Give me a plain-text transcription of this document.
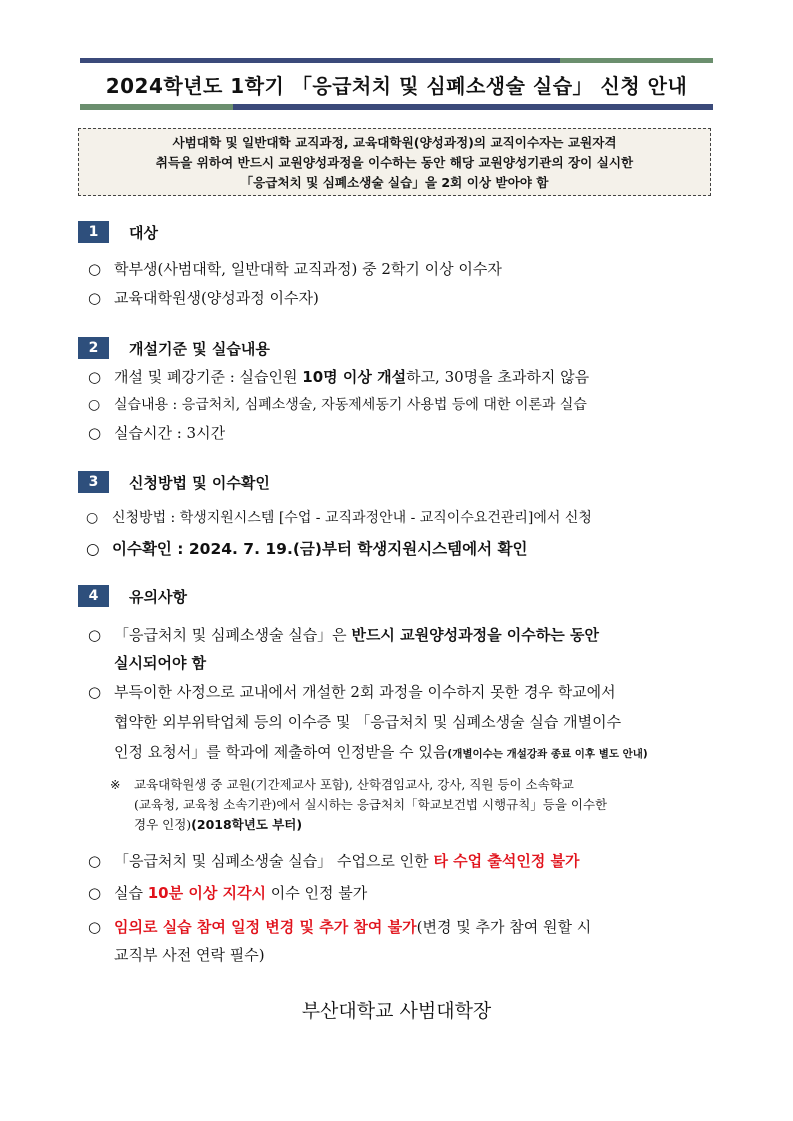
2024학년도 1학기 「응급처치 및 심폐소생술 실습」 신청 안내
사범대학 및 일반대학 교직과정, 교육대학원(양성과정)의 교직이수자는 교원자격
취득을 위하여 반드시 교원양성과정을 이수하는 동안 해당 교원양성기관의 장이 실시한
「응급처치 및 심폐소생술 실습」을 2회 이상 받아야 함
1	대상
○ 학부생(사범대학, 일반대학 교직과정) 중 2학기 이상 이수자
○ 교육대학원생(양성과정 이수자)
2	개설기준 및 실습내용
○ 개설 및 폐강기준 : 실습인원 10명 이상 개설하고, 30명을 초과하지 않음
○ 실습내용 : 응급처치, 심폐소생술, 자동제세동기 사용법 등에 대한 이론과 실습
○ 실습시간 : 3시간
3	신청방법 및 이수확인
○ 신청방법 : 학생지원시스템 [수업 - 교직과정안내 - 교직이수요건관리]에서 신청
○ 이수확인 : 2024. 7. 19.(금)부터 학생지원시스템에서 확인
4	유의사항
○ 「응급처치 및 심폐소생술 실습」은 반드시 교원양성과정을 이수하는 동안
실시되어야 함
○ 부득이한 사정으로 교내에서 개설한 2회 과정을 이수하지 못한 경우 학교에서
협약한 외부위탁업체 등의 이수증 및 「응급처치 및 심폐소생술 실습 개별이수
인정 요청서」를 학과에 제출하여 인정받을 수 있음(개별이수는 개설강좌 종료 이후 별도 안내)
※ 교육대학원생 중 교원(기간제교사 포함), 산학겸임교사, 강사, 직원 등이 소속학교
(교육청, 교육청 소속기관)에서 실시하는 응급처치「학교보건법 시행규칙」등을 이수한
경우 인정)(2018학년도 부터)
○ 「응급처치 및 심폐소생술 실습」 수업으로 인한 타 수업 출석인정 불가
○ 실습 10분 이상 지각시 이수 인정 불가
○ 임의로 실습 참여 일정 변경 및 추가 참여 불가(변경 및 추가 참여 원할 시
교직부 사전 연락 필수)
부산대학교 사범대학장
